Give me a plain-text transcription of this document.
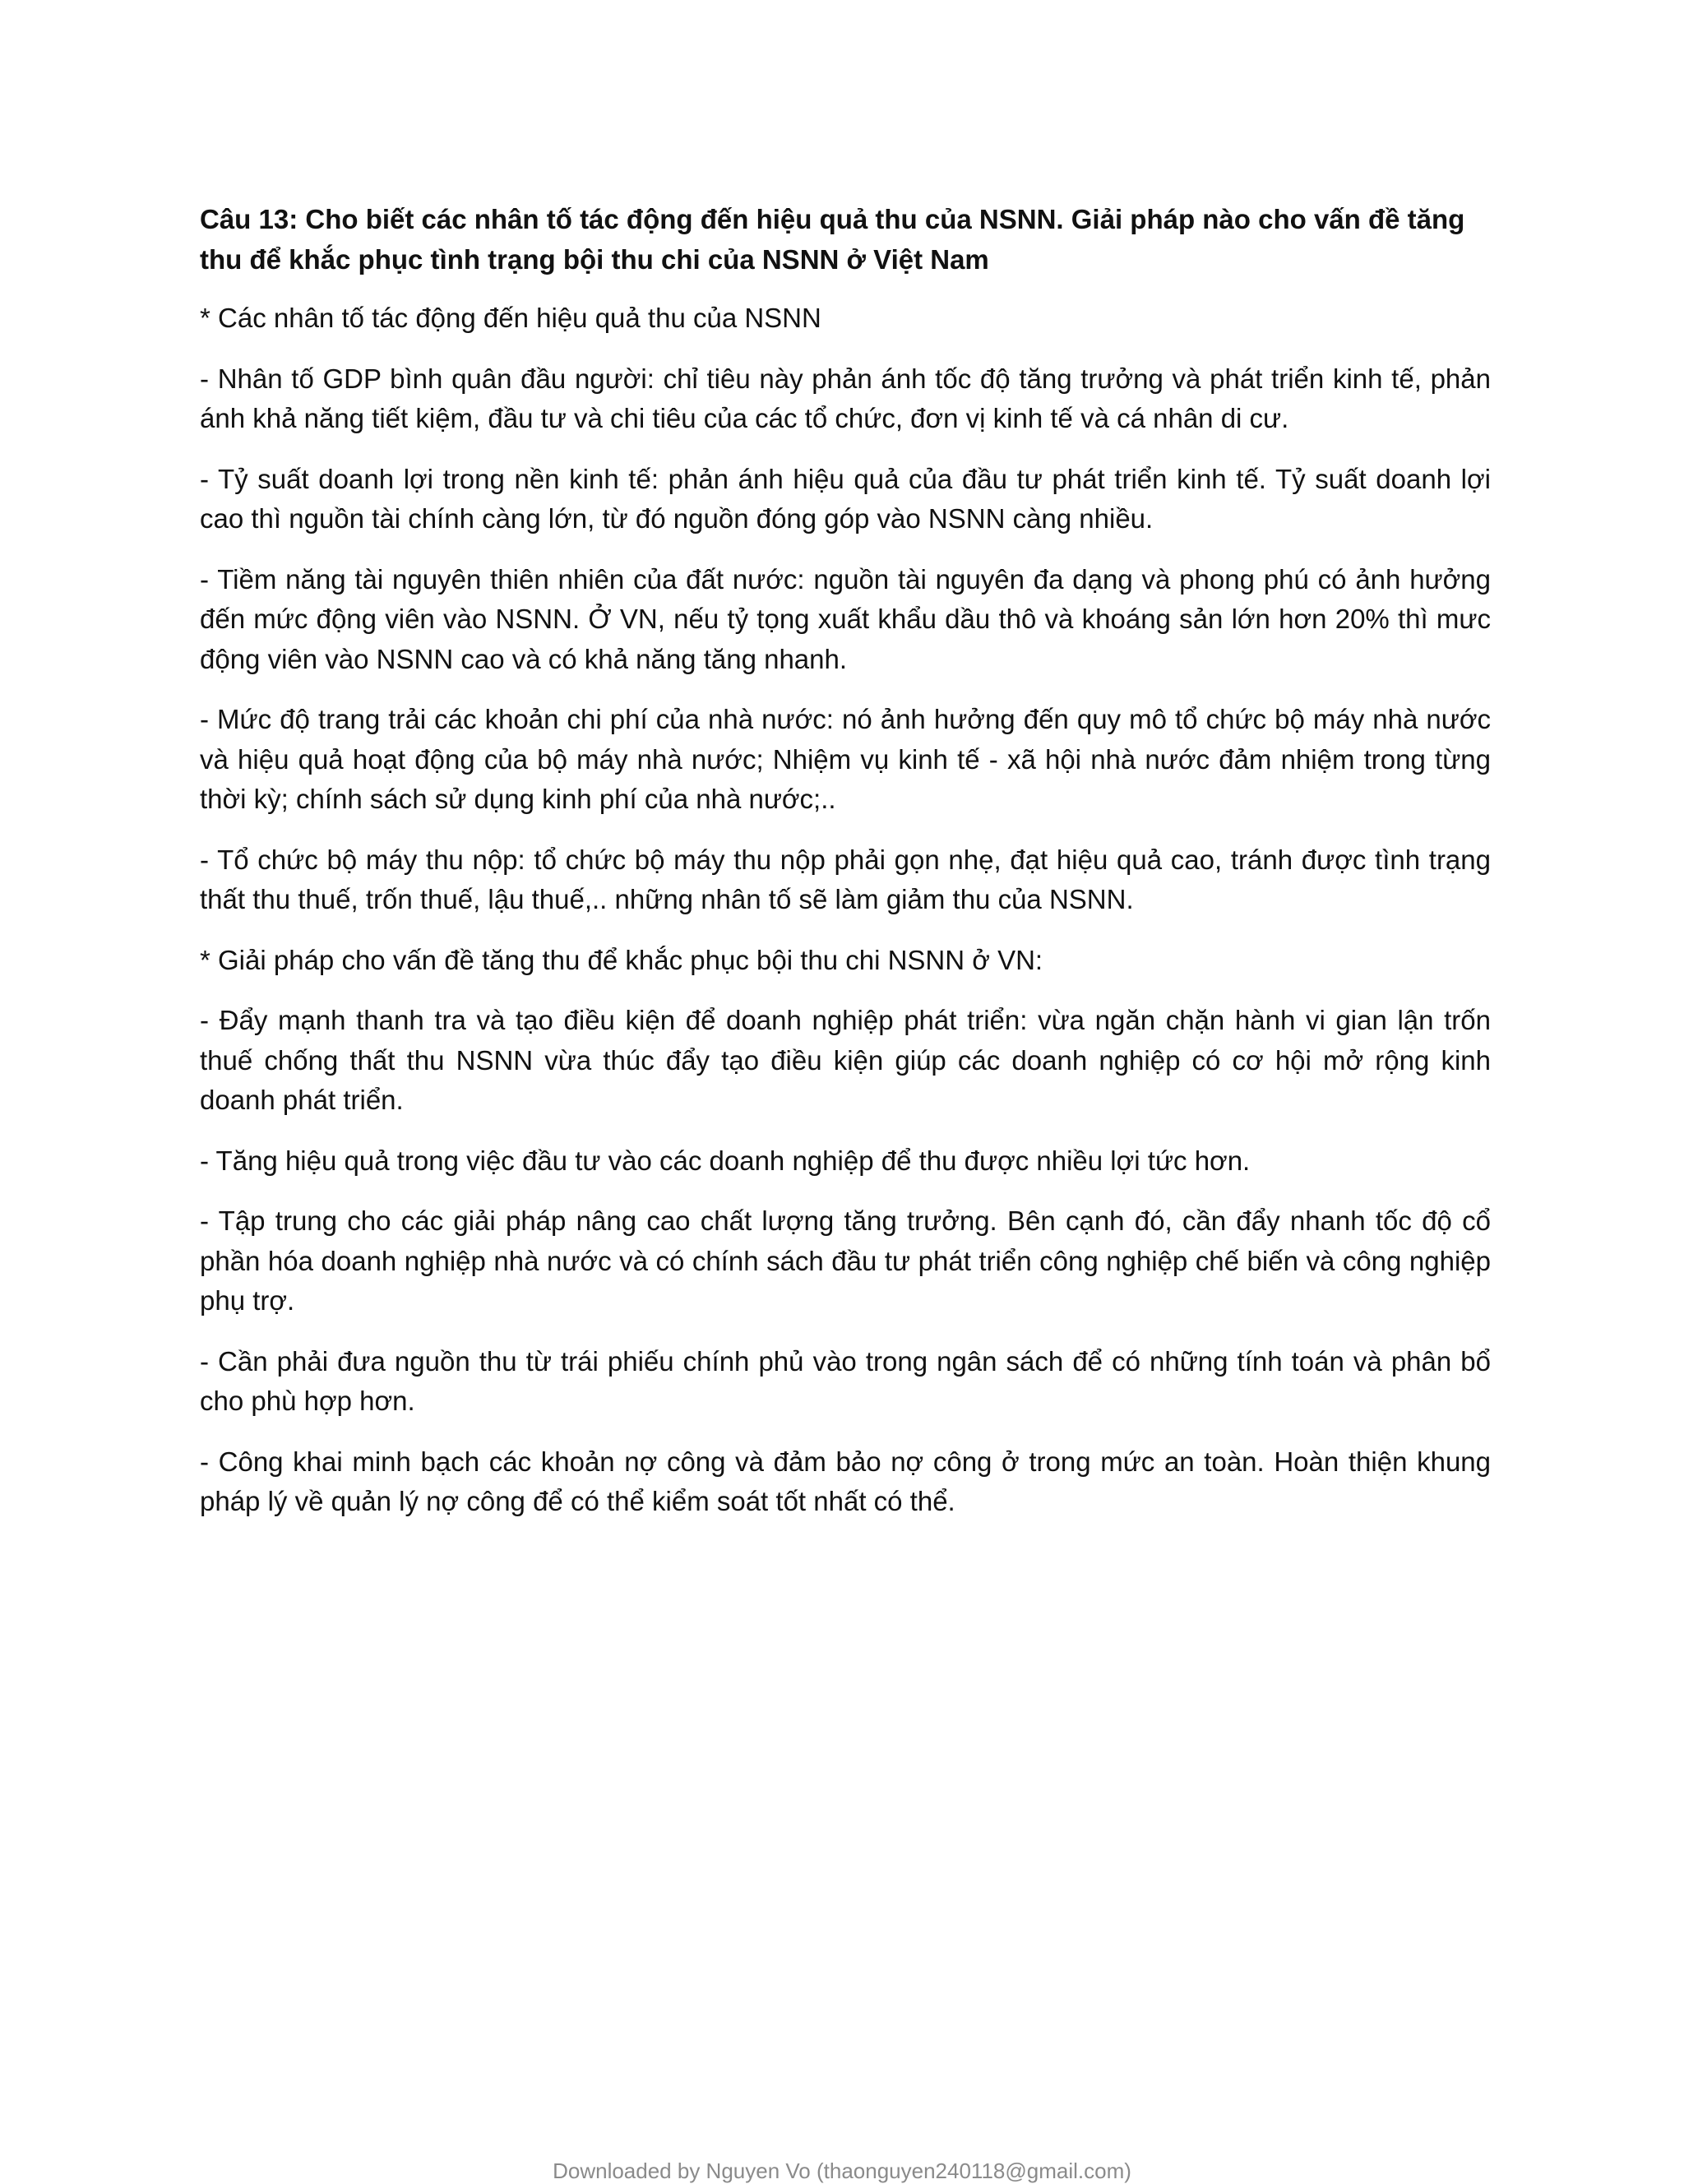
Câu 13: Cho biết các nhân tố tác động đến hiệu quả thu của NSNN. Giải pháp nào cho vấn đề tăng thu để khắc phục tình trạng bội thu chi của NSNN ở Việt Nam

* Các nhân tố tác động đến hiệu quả thu của NSNN

- Nhân tố GDP bình quân đầu người: chỉ tiêu này phản ánh tốc độ tăng trưởng và phát triển kinh tế, phản ánh khả năng tiết kiệm, đầu tư và chi tiêu của các tổ chức, đơn vị kinh tế và cá nhân di cư.

- Tỷ suất doanh lợi trong nền kinh tế: phản ánh hiệu quả của đầu tư phát triển kinh tế. Tỷ suất doanh lợi cao thì nguồn tài chính càng lớn, từ đó nguồn đóng góp vào NSNN càng nhiều.

- Tiềm năng tài nguyên thiên nhiên của đất nước: nguồn tài nguyên đa dạng và phong phú có ảnh hưởng đến mức động viên vào NSNN. Ở VN, nếu tỷ tọng xuất khẩu dầu thô và khoáng sản lớn hơn 20% thì mưc động viên vào NSNN cao và có khả năng tăng nhanh.

- Mức độ trang trải các khoản chi phí của nhà nước: nó ảnh hưởng đến quy mô tổ chức bộ máy nhà nước và hiệu quả hoạt động của bộ máy nhà nước; Nhiệm vụ kinh tế - xã hội nhà nước đảm nhiệm trong từng thời kỳ; chính sách sử dụng kinh phí của nhà nước;..

- Tổ chức bộ máy thu nộp: tổ chức bộ máy thu nộp phải gọn nhẹ, đạt hiệu quả cao, tránh được tình trạng thất thu thuế, trốn thuế, lậu thuế,.. những nhân tố sẽ làm giảm thu của NSNN.

* Giải pháp cho vấn đề tăng thu để khắc phục bội thu chi NSNN ở VN:

- Đẩy mạnh thanh tra và tạo điều kiện để doanh nghiệp phát triển: vừa ngăn chặn hành vi gian lận trốn thuế chống thất thu NSNN vừa thúc đẩy tạo điều kiện giúp các doanh nghiệp có cơ hội mở rộng kinh doanh phát triển.

- Tăng hiệu quả trong việc đầu tư vào các doanh nghiệp để thu được nhiều lợi tức hơn.

- Tập trung cho các giải pháp nâng cao chất lượng tăng trưởng. Bên cạnh đó, cần đẩy nhanh tốc độ cổ phần hóa doanh nghiệp nhà nước và có chính sách đầu tư phát triển công nghiệp chế biến và công nghiệp phụ trợ.

- Cần phải đưa nguồn thu từ trái phiếu chính phủ vào trong ngân sách để có những tính toán và phân bổ cho phù hợp hơn.

- Công khai minh bạch các khoản nợ công và đảm bảo nợ công ở trong mức an toàn. Hoàn thiện khung pháp lý về quản lý nợ công để có thể kiểm soát tốt nhất có thể.

Downloaded by Nguyen Vo (thaonguyen240118@gmail.com)
